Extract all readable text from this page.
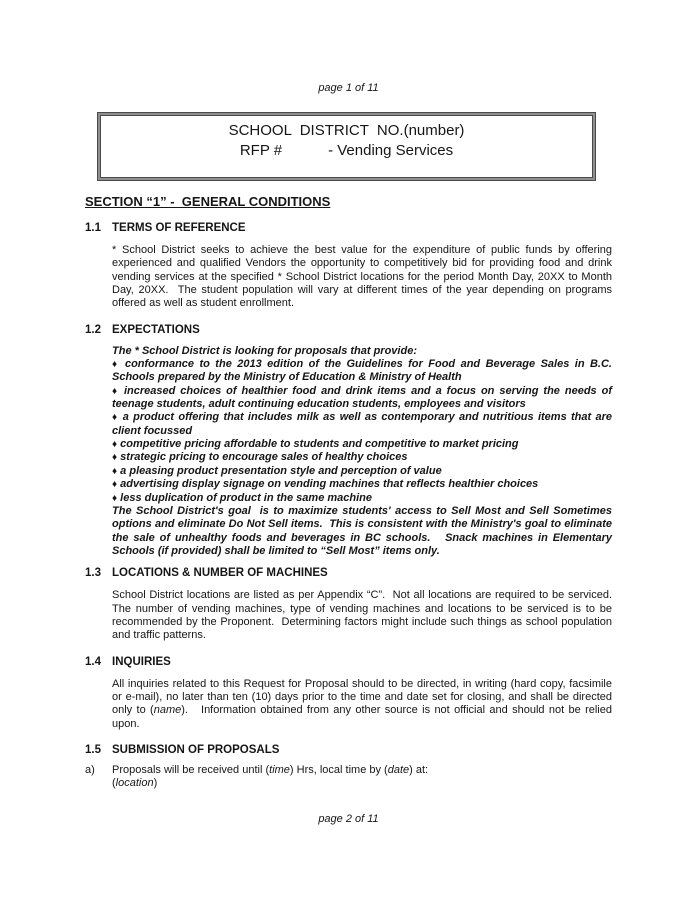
page 1 of 11
SCHOOL  DISTRICT  NO.(number)
RFP #	- Vending Services
SECTION “1” -  GENERAL CONDITIONS
1.1 TERMS OF REFERENCE

* School District seeks to achieve the best value for the expenditure of public funds by offering experienced and qualified Vendors the opportunity to competitively bid for providing food and drink vending services at the specified * School District locations for the period Month Day, 20XX to Month Day, 20XX.  The student population will vary at different times of the year depending on programs offered as well as student enrollment.

1.2 EXPECTATIONS

The * School District is looking for proposals that provide:

♦ conformance to the 2013 edition of the Guidelines for Food and Beverage Sales in B.C. Schools prepared by the Ministry of Education & Ministry of Health

♦ increased choices of healthier food and drink items and a focus on serving the needs of teenage students, adult continuing education students, employees and visitors

♦ a product offering that includes milk as well as contemporary and nutritious items that are client focussed

♦ competitive pricing affordable to students and competitive to market pricing

♦ strategic pricing to encourage sales of healthy choices

♦ a pleasing product presentation style and perception of value

♦ advertising display signage on vending machines that reflects healthier choices

♦ less duplication of product in the same machine

The School District's goal  is to maximize students' access to Sell Most and Sell Sometimes options and eliminate Do Not Sell items.  This is consistent with the Ministry's goal to eliminate the sale of unhealthy foods and beverages in BC schools.   Snack machines in Elementary Schools (if provided) shall be limited to “Sell Most” items only.

1.3 LOCATIONS & NUMBER OF MACHINES

School District locations are listed as per Appendix “C”.  Not all locations are required to be serviced.  The number of vending machines, type of vending machines and locations to be serviced is to be recommended by the Proponent.  Determining factors might include such things as school population and traffic patterns.

1.4 INQUIRIES

All inquiries related to this Request for Proposal should to be directed, in writing (hard copy, facsimile or e-mail), no later than ten (10) days prior to the time and date set for closing, and shall be directed  only to (name).   Information obtained from any other source is not official and should not be relied upon.

1.5 SUBMISSION OF PROPOSALS
a)	Proposals will be received until (time) Hrs, local time by (date) at:
(location)
page 2 of 11
